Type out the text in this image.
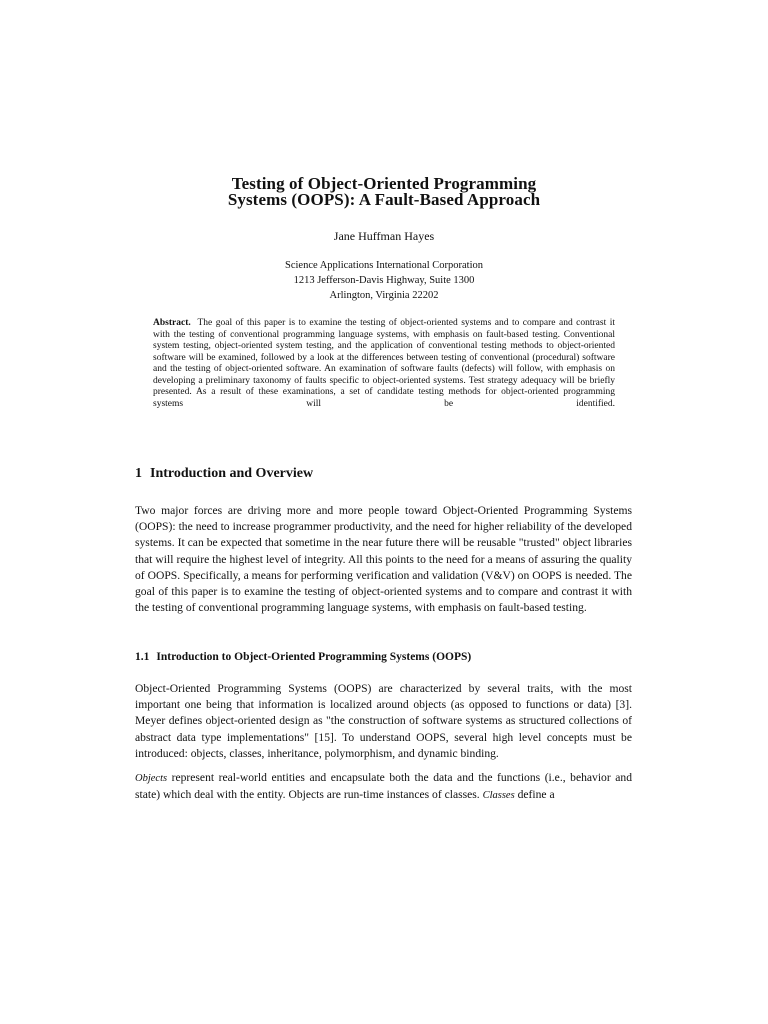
Testing of Object-Oriented Programming
Systems (OOPS): A Fault-Based Approach
Jane Huffman Hayes
Science Applications International Corporation
1213 Jefferson-Davis Highway, Suite 1300
Arlington, Virginia 22202
Abstract. The goal of this paper is to examine the testing of object-oriented systems and to compare and contrast it with the testing of conventional programming language systems, with emphasis on fault-based testing. Conventional system testing, object-oriented system testing, and the application of conventional testing methods to object-oriented software will be examined, followed by a look at the differences between testing of conventional (procedural) software and the testing of object-oriented software. An examination of software faults (defects) will follow, with emphasis on developing a preliminary taxonomy of faults specific to object-oriented systems. Test strategy adequacy will be briefly presented. As a result of these examinations, a set of candidate testing methods for object-oriented programming systems will be identified.
1 Introduction and Overview
Two major forces are driving more and more people toward Object-Oriented Programming Systems (OOPS): the need to increase programmer productivity, and the need for higher reliability of the developed systems. It can be expected that sometime in the near future there will be reusable "trusted" object libraries that will require the highest level of integrity. All this points to the need for a means of assuring the quality of OOPS. Specifically, a means for performing verification and validation (V&V) on OOPS is needed. The goal of this paper is to examine the testing of object-oriented systems and to compare and contrast it with the testing of conventional programming language systems, with emphasis on fault-based testing.
1.1 Introduction to Object-Oriented Programming Systems (OOPS)
Object-Oriented Programming Systems (OOPS) are characterized by several traits, with the most important one being that information is localized around objects (as opposed to functions or data) [3]. Meyer defines object-oriented design as "the construction of software systems as structured collections of abstract data type implementations" [15]. To understand OOPS, several high level concepts must be introduced: objects, classes, inheritance, polymorphism, and dynamic binding.
Objects represent real-world entities and encapsulate both the data and the functions (i.e., behavior and state) which deal with the entity. Objects are run-time instances of classes. Classes define a
